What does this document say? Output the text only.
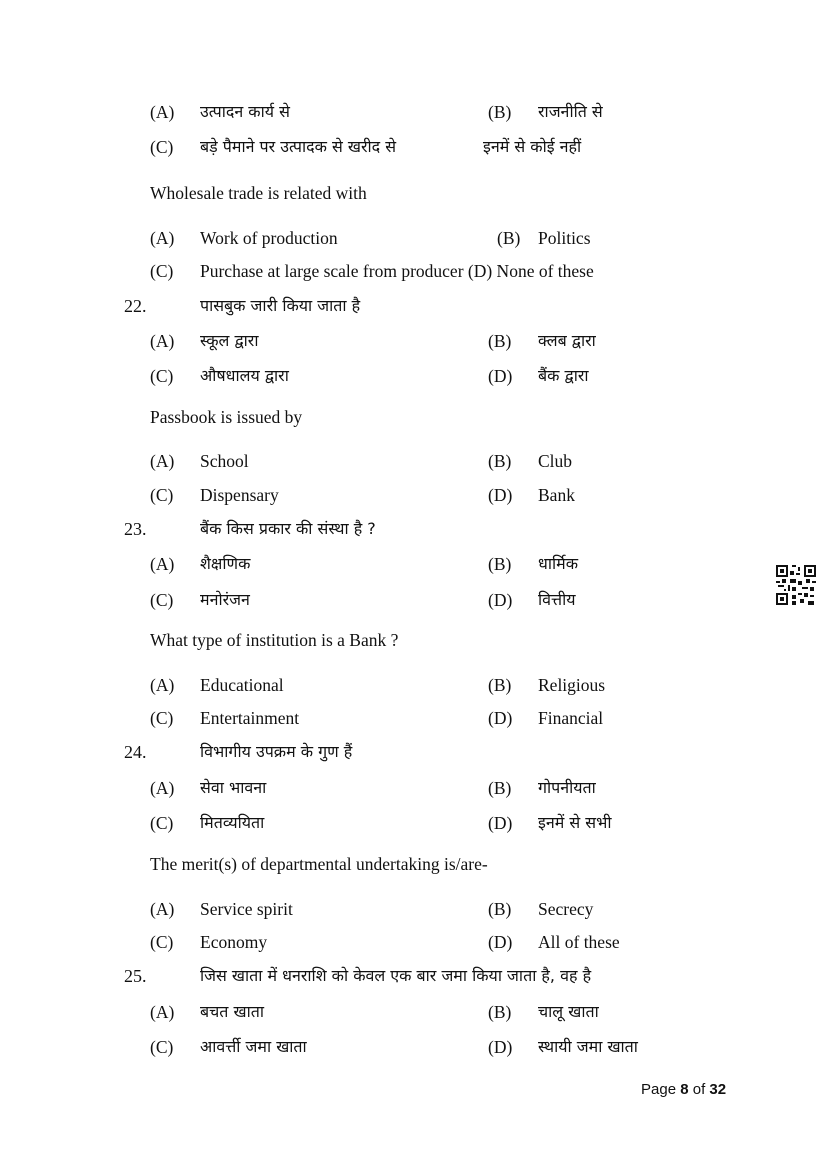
(A) उत्पादन कार्य से	(B) राजनीति से
(C) बड़े पैमाने पर उत्पादक से खरीद से	इनमें से कोई नहीं
Wholesale trade is related with
(A) Work of production	(B) Politics
(C) Purchase at large scale from producer (D) None of these
22.	पासबुक जारी किया जाता है
(A) स्कूल द्वारा	(B) क्लब द्वारा
(C) औषधालय द्वारा	(D) बैंक द्वारा
Passbook is issued by
(A) School	(B) Club
(C) Dispensary	(D) Bank
23.	बैंक किस प्रकार की संस्था है ?
(A) शैक्षणिक	(B) धार्मिक
(C) मनोरंजन	(D) वित्तीय
What type of institution is a Bank ?
(A) Educational	(B) Religious
(C) Entertainment	(D) Financial
24.	विभागीय उपक्रम के गुण हैं
(A) सेवा भावना	(B) गोपनीयता
(C) मितव्ययिता	(D) इनमें से सभी
The merit(s) of departmental undertaking is/are-
(A) Service spirit	(B) Secrecy
(C) Economy	(D) All of these
25.	जिस खाता में धनराशि को केवल एक बार जमा किया जाता है, वह है
(A) बचत खाता	(B) चालू खाता
(C) आवर्त्ती जमा खाता	(D) स्थायी जमा खाता
Page 8 of 32
